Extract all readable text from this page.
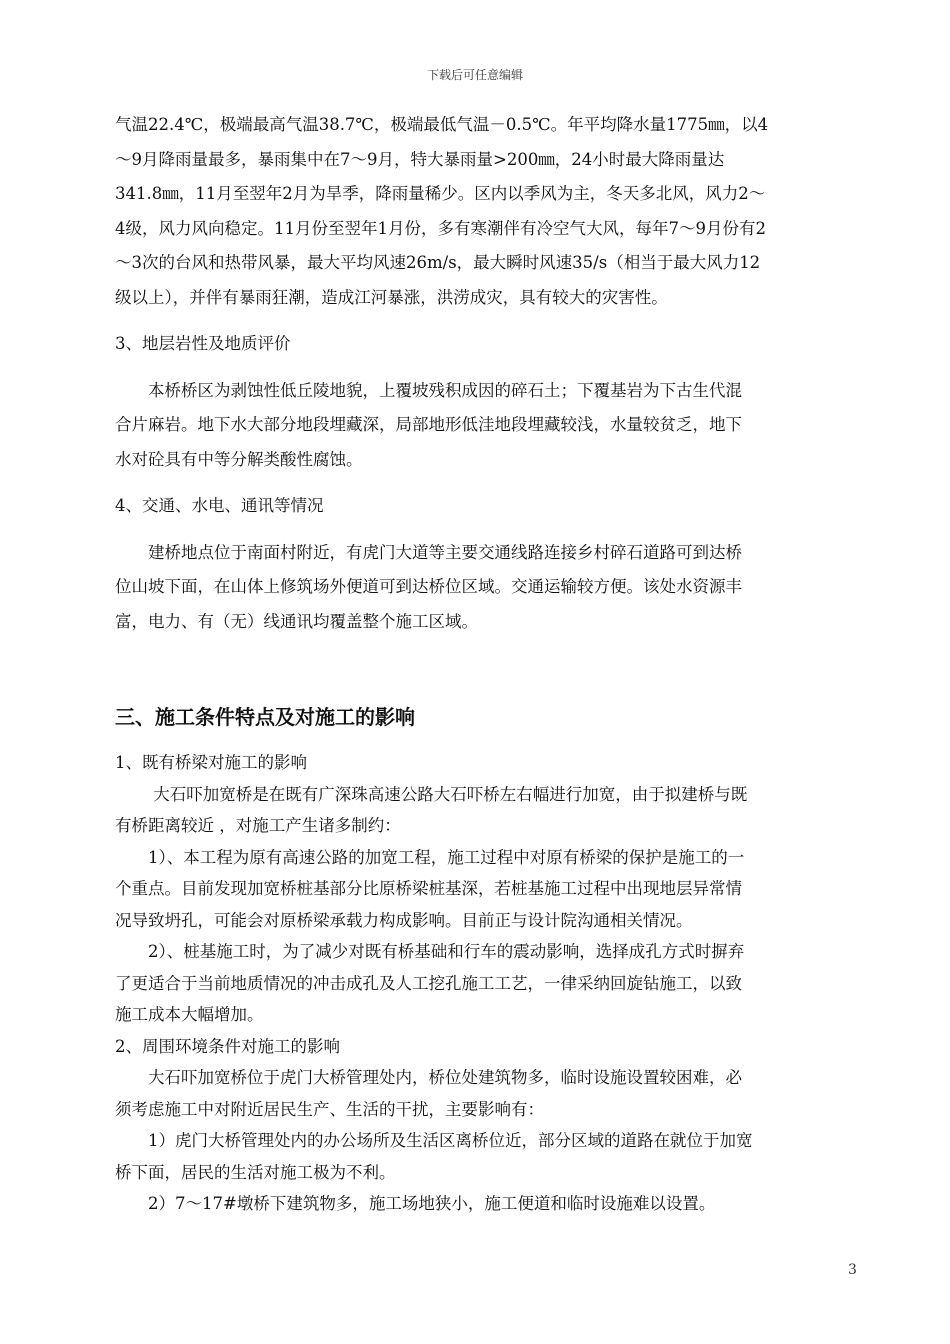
下载后可任意编辑
气温22.4℃，极端最高气温38.7℃，极端最低气温－0.5℃。年平均降水量1775㎜，以4
～9月降雨量最多，暴雨集中在7～9月，特大暴雨量>200㎜，24小时最大降雨量达
341.8㎜，11月至翌年2月为旱季，降雨量稀少。区内以季风为主，冬天多北风，风力2～
4级，风力风向稳定。11月份至翌年1月份，多有寒潮伴有冷空气大风，每年7～9月份有2
～3次的台风和热带风暴，最大平均风速26m/s，最大瞬时风速35/s（相当于最大风力12
级以上），并伴有暴雨狂潮，造成江河暴涨，洪涝成灾，具有较大的灾害性。
3、地层岩性及地质评价
　　本桥桥区为剥蚀性低丘陵地貌，上覆坡残积成因的碎石土；下覆基岩为下古生代混
合片麻岩。地下水大部分地段埋藏深，局部地形低洼地段埋藏较浅，水量较贫乏，地下
水对砼具有中等分解类酸性腐蚀。
4、交通、水电、通讯等情况
　　建桥地点位于南面村附近，有虎门大道等主要交通线路连接乡村碎石道路可到达桥
位山坡下面，在山体上修筑场外便道可到达桥位区域。交通运输较方便。该处水资源丰
富，电力、有（无）线通讯均覆盖整个施工区域。
三、施工条件特点及对施工的影响
1、既有桥梁对施工的影响
　　 大石吓加宽桥是在既有广深珠高速公路大石吓桥左右幅进行加宽，由于拟建桥与既
有桥距离较近 ，对施工产生诸多制约：
　　1）、本工程为原有高速公路的加宽工程，施工过程中对原有桥梁的保护是施工的一
个重点。目前发现加宽桥桩基部分比原桥梁桩基深，若桩基施工过程中出现地层异常情
况导致坍孔，可能会对原桥梁承载力构成影响。目前正与设计院沟通相关情况。
　　2）、桩基施工时，为了减少对既有桥基础和行车的震动影响，选择成孔方式时摒弃
了更适合于当前地质情况的冲击成孔及人工挖孔施工工艺，一律采纳回旋钻施工，以致
施工成本大幅增加。
2、周围环境条件对施工的影响
　　大石吓加宽桥位于虎门大桥管理处内，桥位处建筑物多，临时设施设置较困难，必
须考虑施工中对附近居民生产、生活的干扰，主要影响有：
　　1）虎门大桥管理处内的办公场所及生活区离桥位近，部分区域的道路在就位于加宽
桥下面，居民的生活对施工极为不利。
　　2）7～17#墩桥下建筑物多，施工场地狭小，施工便道和临时设施难以设置。
3
